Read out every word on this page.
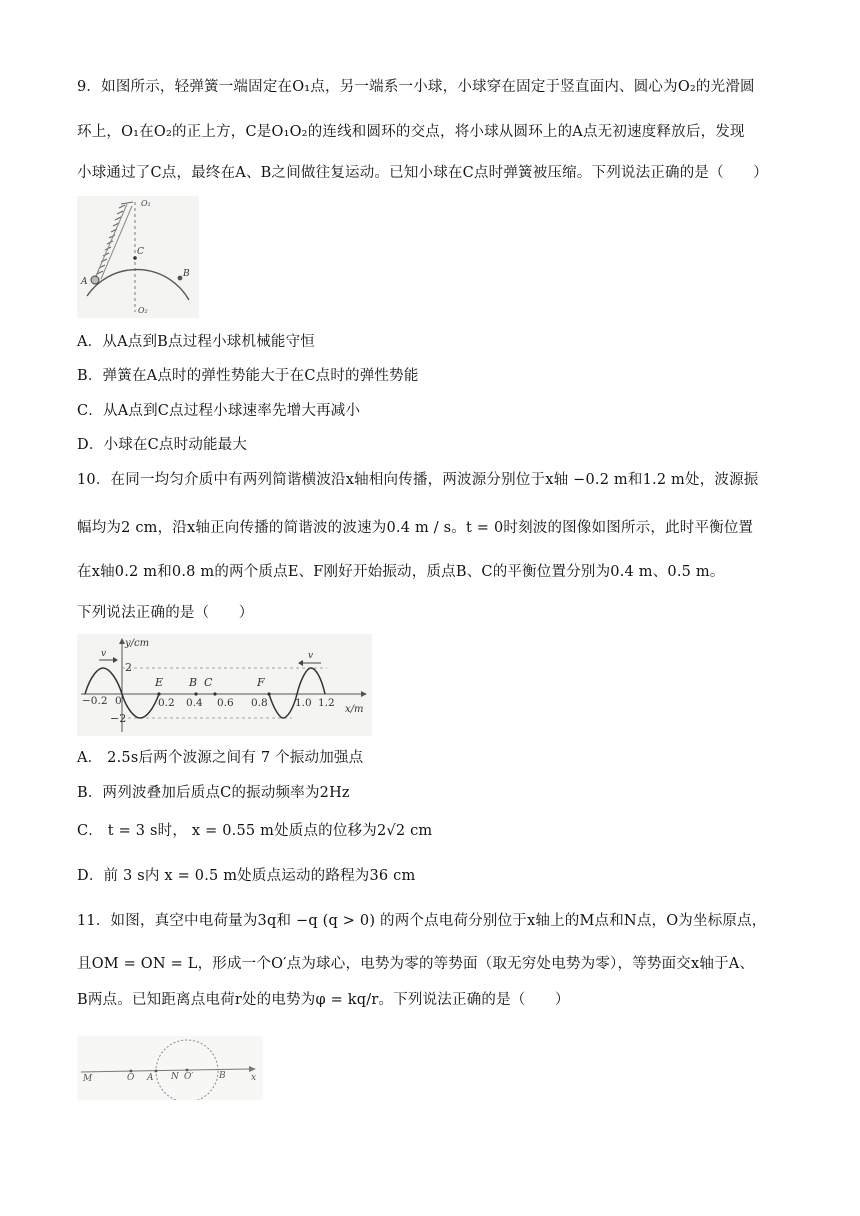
9．如图所示，轻弹簧一端固定在O₁点，另一端系一小球，小球穿在固定于竖直面内、圆心为O₂的光滑圆
环上，O₁在O₂的正上方，C是O₁O₂的连线和圆环的交点，将小球从圆环上的A点无初速度释放后，发现
小球通过了C点，最终在A、B之间做往复运动。已知小球在C点时弹簧被压缩。下列说法正确的是（　　）
O₁
C
A
B
O₂
A．从A点到B点过程小球机械能守恒
B．弹簧在A点时的弹性势能大于在C点时的弹性势能
C．从A点到C点过程小球速率先增大再减小
D．小球在C点时动能最大
10．在同一均匀介质中有两列简谐横波沿x轴相向传播，两波源分别位于x轴 −0.2 m和1.2 m处，波源振
幅均为2 cm，沿x轴正向传播的简谐波的波速为0.4 m / s。t = 0时刻波的图像如图所示，此时平衡位置
在x轴0.2 m和0.8 m的两个质点E、F刚好开始振动，质点B、C的平衡位置分别为0.4 m、0.5 m。
下列说法正确的是（　　）
y/cm
x/m
v	v
2
−2
−0.2 0	0.2 0.4 0.6 0.8	1.0 1.2
E B C	F
A． 2.5s后两个波源之间有 7 个振动加强点
B．两列波叠加后质点C的振动频率为2Hz
C． t = 3 s时， x = 0.55 m处质点的位移为2√2 cm
D．前 3 s内 x = 0.5 m处质点运动的路程为36 cm
11．如图，真空中电荷量为3q和 −q (q > 0) 的两个点电荷分别位于x轴上的M点和N点，O为坐标原点，
且OM = ON = L，形成一个O′点为球心，电势为零的等势面（取无穷处电势为零），等势面交x轴于A、
B两点。已知距离点电荷r处的电势为φ = kq/r。下列说法正确的是（　　）
M	O A N O′	B	x
